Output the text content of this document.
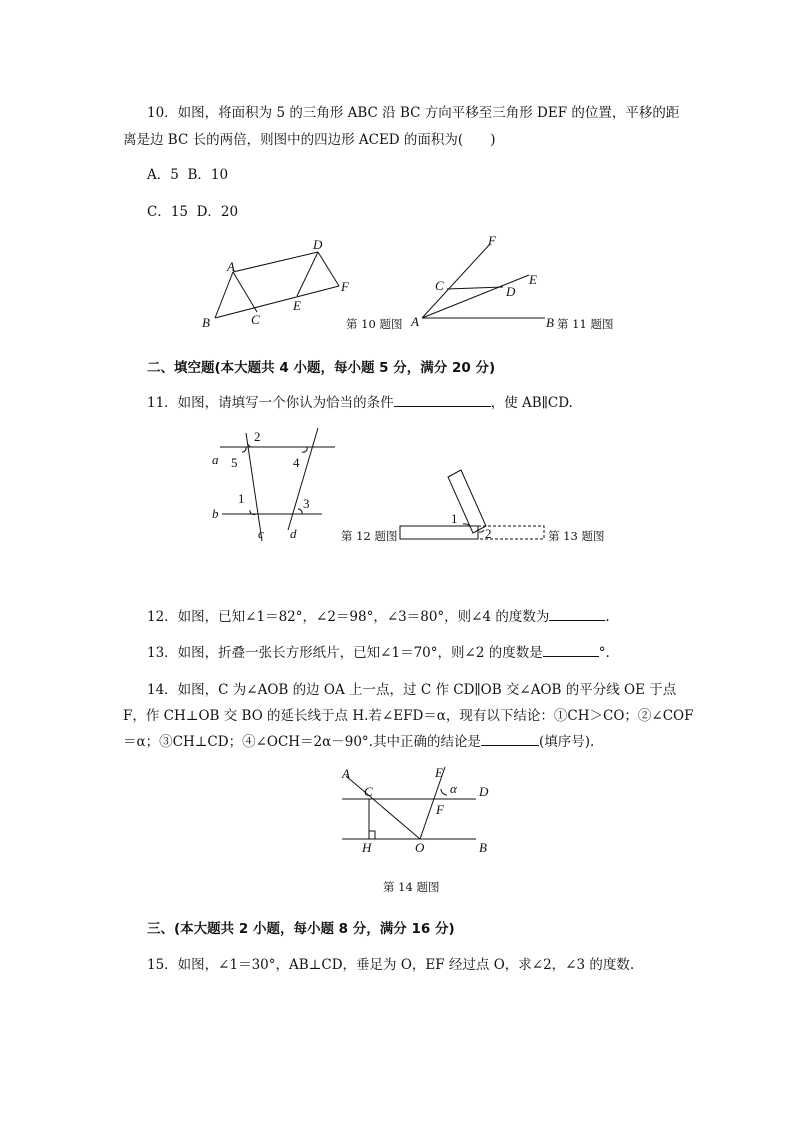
10．如图，将面积为 5 的三角形 ABC 沿 BC 方向平移至三角形 DEF 的位置，平移的距
离是边 BC 长的两倍，则图中的四边形 ACED 的面积为(　　)
A．5 B．10
C．15 D．20
A
B	C
D
E
F
第 10 题图 A	B
C	D
E
F
第 11 题图
二、填空题(本大题共 4 小题，每小题 5 分，满分 20 分)
11．如图，请填写一个你认为恰当的条件	，使 AB∥CD.
a
b
c d
2
5	4
1	3
第 12 题图
1
2	第 13 题图
12．如图，已知∠1＝82°，∠2＝98°，∠3＝80°，则∠4 的度数为	.
13．如图，折叠一张长方形纸片，已知∠1＝70°，则∠2 的度数是	°.
14．如图，C 为∠AOB 的边 OA 上一点，过 C 作 CD∥OB 交∠AOB 的平分线 OE 于点
F，作 CH⊥OB 交 BO 的延长线于点 H.若∠EFD＝α，现有以下结论：①CH＞CO；②∠COF
＝α；③CH⊥CD；④∠OCH＝2α－90°.其中正确的结论是	(填序号).
A
C
E
α D
F
H	O	B
第 14 题图
三、(本大题共 2 小题，每小题 8 分，满分 16 分)
15．如图，∠1＝30°，AB⊥CD，垂足为 O，EF 经过点 O，求∠2，∠3 的度数.
